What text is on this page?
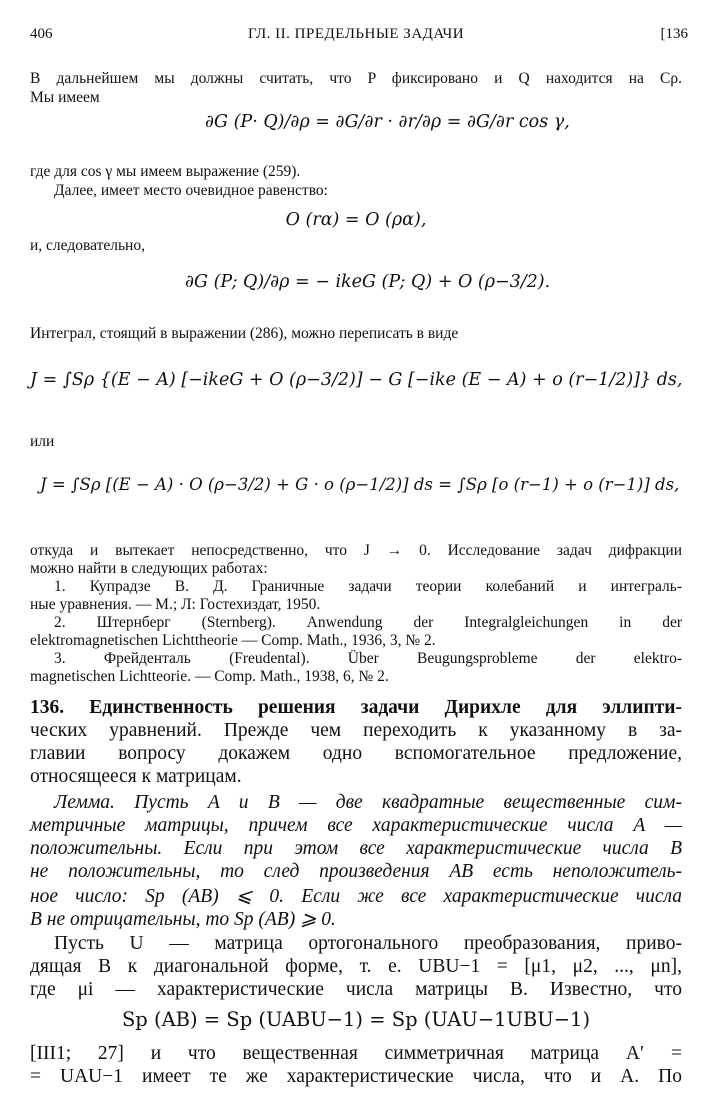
406	ГЛ. II. ПРЕДЕЛЬНЫЕ ЗАДАЧИ	[136
В дальнейшем мы должны считать, что P фиксировано и Q находится на Cρ.
Мы имеем
∂G (P· Q)/∂ρ = ∂G/∂r · ∂r/∂ρ = ∂G/∂r cos γ,
где для cos γ мы имеем выражение (259).
Далее, имеет место очевидное равенство:
O (rα) = O (ρα),
и, следовательно,
∂G (P; Q)/∂ρ = − ikeG (P; Q) + O (ρ−3/2).
Интеграл, стоящий в выражении (286), можно переписать в виде
J = ∫Sρ {(E − A) [−ikeG + O (ρ−3/2)] − G [−ike (E − A) + o (r−1/2)]} ds,
или
J = ∫Sρ [(E − A) · O (ρ−3/2) + G · o (ρ−1/2)] ds = ∫Sρ [o (r−1) + o (r−1)] ds,
откуда и вытекает непосредственно, что J → 0. Исследование задач дифракции
можно найти в следующих работах:
1. Купрадзе В. Д. Граничные задачи теории колебаний и интеграль-
ные уравнения. — М.; Л: Гостехиздат, 1950.
2. Штернберг (Sternberg). Anwendung der Integralgleichungen in der
elektromagnetischen Lichttheorie — Comp. Math., 1936, 3, № 2.
3. Фрейденталь (Freudental). Über Beugungsprobleme der elektro-
magnetischen Lichtteorie. — Comp. Math., 1938, 6, № 2.
136. Единственность решения задачи Дирихле для эллипти-
ческих уравнений. Прежде чем переходить к указанному в за-
главии вопросу докажем одно вспомогательное предложение,
относящееся к матрицам.
Лемма. Пусть A и B — две квадратные вещественные сим-
метричные матрицы, причем все характеристические числа A —
положительны. Если при этом все характеристические числа B
не положительны, то след произведения AB есть неположитель-
ное число: Sp (AB) ⩽ 0. Если же все характеристические числа
B не отрицательны, то Sp (AB) ⩾ 0.
Пусть U — матрица ортогонального преобразования, приво-
дящая B к диагональной форме, т. е. UBU−1 = [μ1, μ2, ..., μn],
где μi — характеристические числа матрицы B. Известно, что
Sp (AB) = Sp (UABU−1) = Sp (UAU−1UBU−1)
[III1; 27] и что вещественная симметричная матрица A′ =
= UAU−1 имеет те же характеристические числа, что и A. По
